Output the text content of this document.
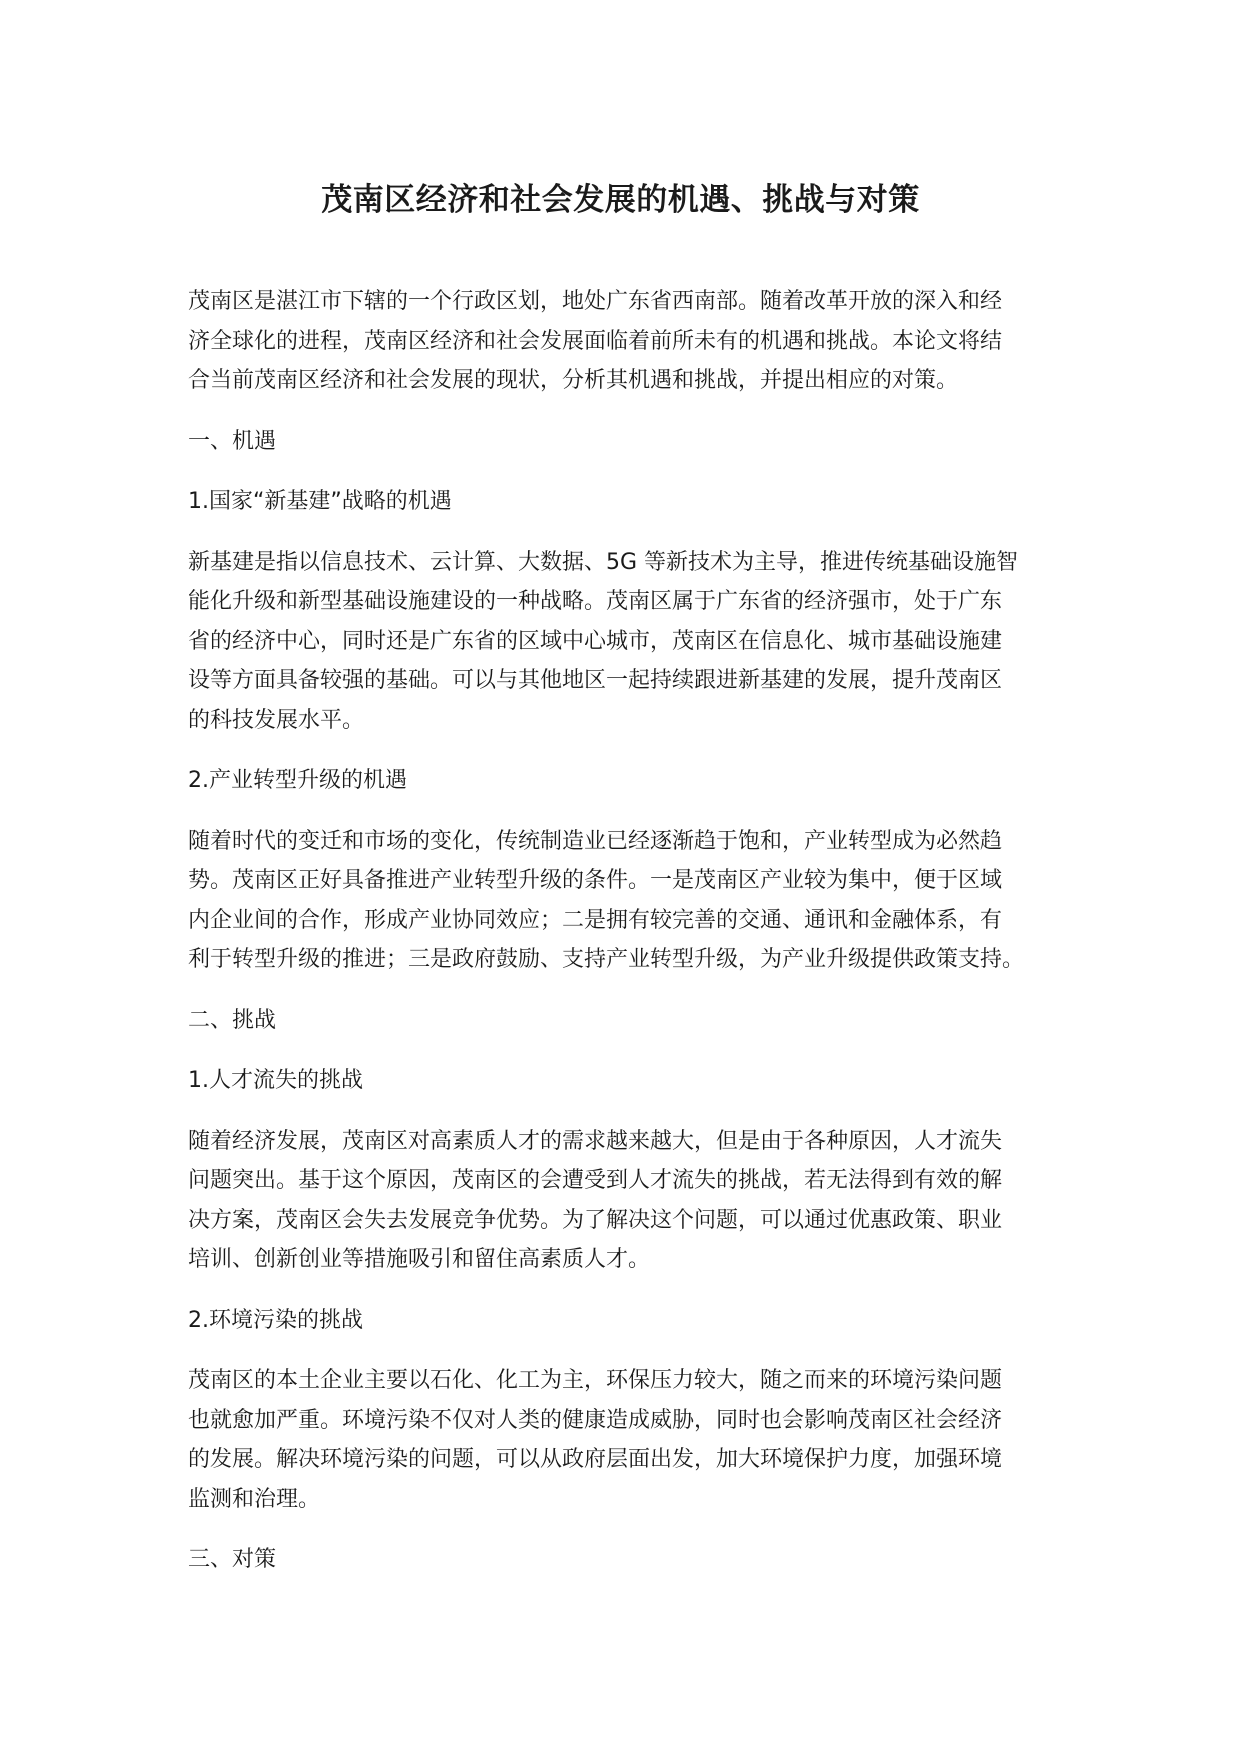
茂南区经济和社会发展的机遇、挑战与对策
茂南区是湛江市下辖的一个行政区划，地处广东省西南部。随着改革开放的深入和经
济全球化的进程，茂南区经济和社会发展面临着前所未有的机遇和挑战。本论文将结
合当前茂南区经济和社会发展的现状，分析其机遇和挑战，并提出相应的对策。
一、机遇
1.国家“新基建”战略的机遇
新基建是指以信息技术、云计算、大数据、5G 等新技术为主导，推进传统基础设施智
能化升级和新型基础设施建设的一种战略。茂南区属于广东省的经济强市，处于广东
省的经济中心，同时还是广东省的区域中心城市，茂南区在信息化、城市基础设施建
设等方面具备较强的基础。可以与其他地区一起持续跟进新基建的发展，提升茂南区
的科技发展水平。
2.产业转型升级的机遇
随着时代的变迁和市场的变化，传统制造业已经逐渐趋于饱和，产业转型成为必然趋
势。茂南区正好具备推进产业转型升级的条件。一是茂南区产业较为集中，便于区域
内企业间的合作，形成产业协同效应；二是拥有较完善的交通、通讯和金融体系，有
利于转型升级的推进；三是政府鼓励、支持产业转型升级，为产业升级提供政策支持。
二、挑战
1.人才流失的挑战
随着经济发展，茂南区对高素质人才的需求越来越大，但是由于各种原因，人才流失
问题突出。基于这个原因，茂南区的会遭受到人才流失的挑战，若无法得到有效的解
决方案，茂南区会失去发展竞争优势。为了解决这个问题，可以通过优惠政策、职业
培训、创新创业等措施吸引和留住高素质人才。
2.环境污染的挑战
茂南区的本土企业主要以石化、化工为主，环保压力较大，随之而来的环境污染问题
也就愈加严重。环境污染不仅对人类的健康造成威胁，同时也会影响茂南区社会经济
的发展。解决环境污染的问题，可以从政府层面出发，加大环境保护力度，加强环境
监测和治理。
三、对策
